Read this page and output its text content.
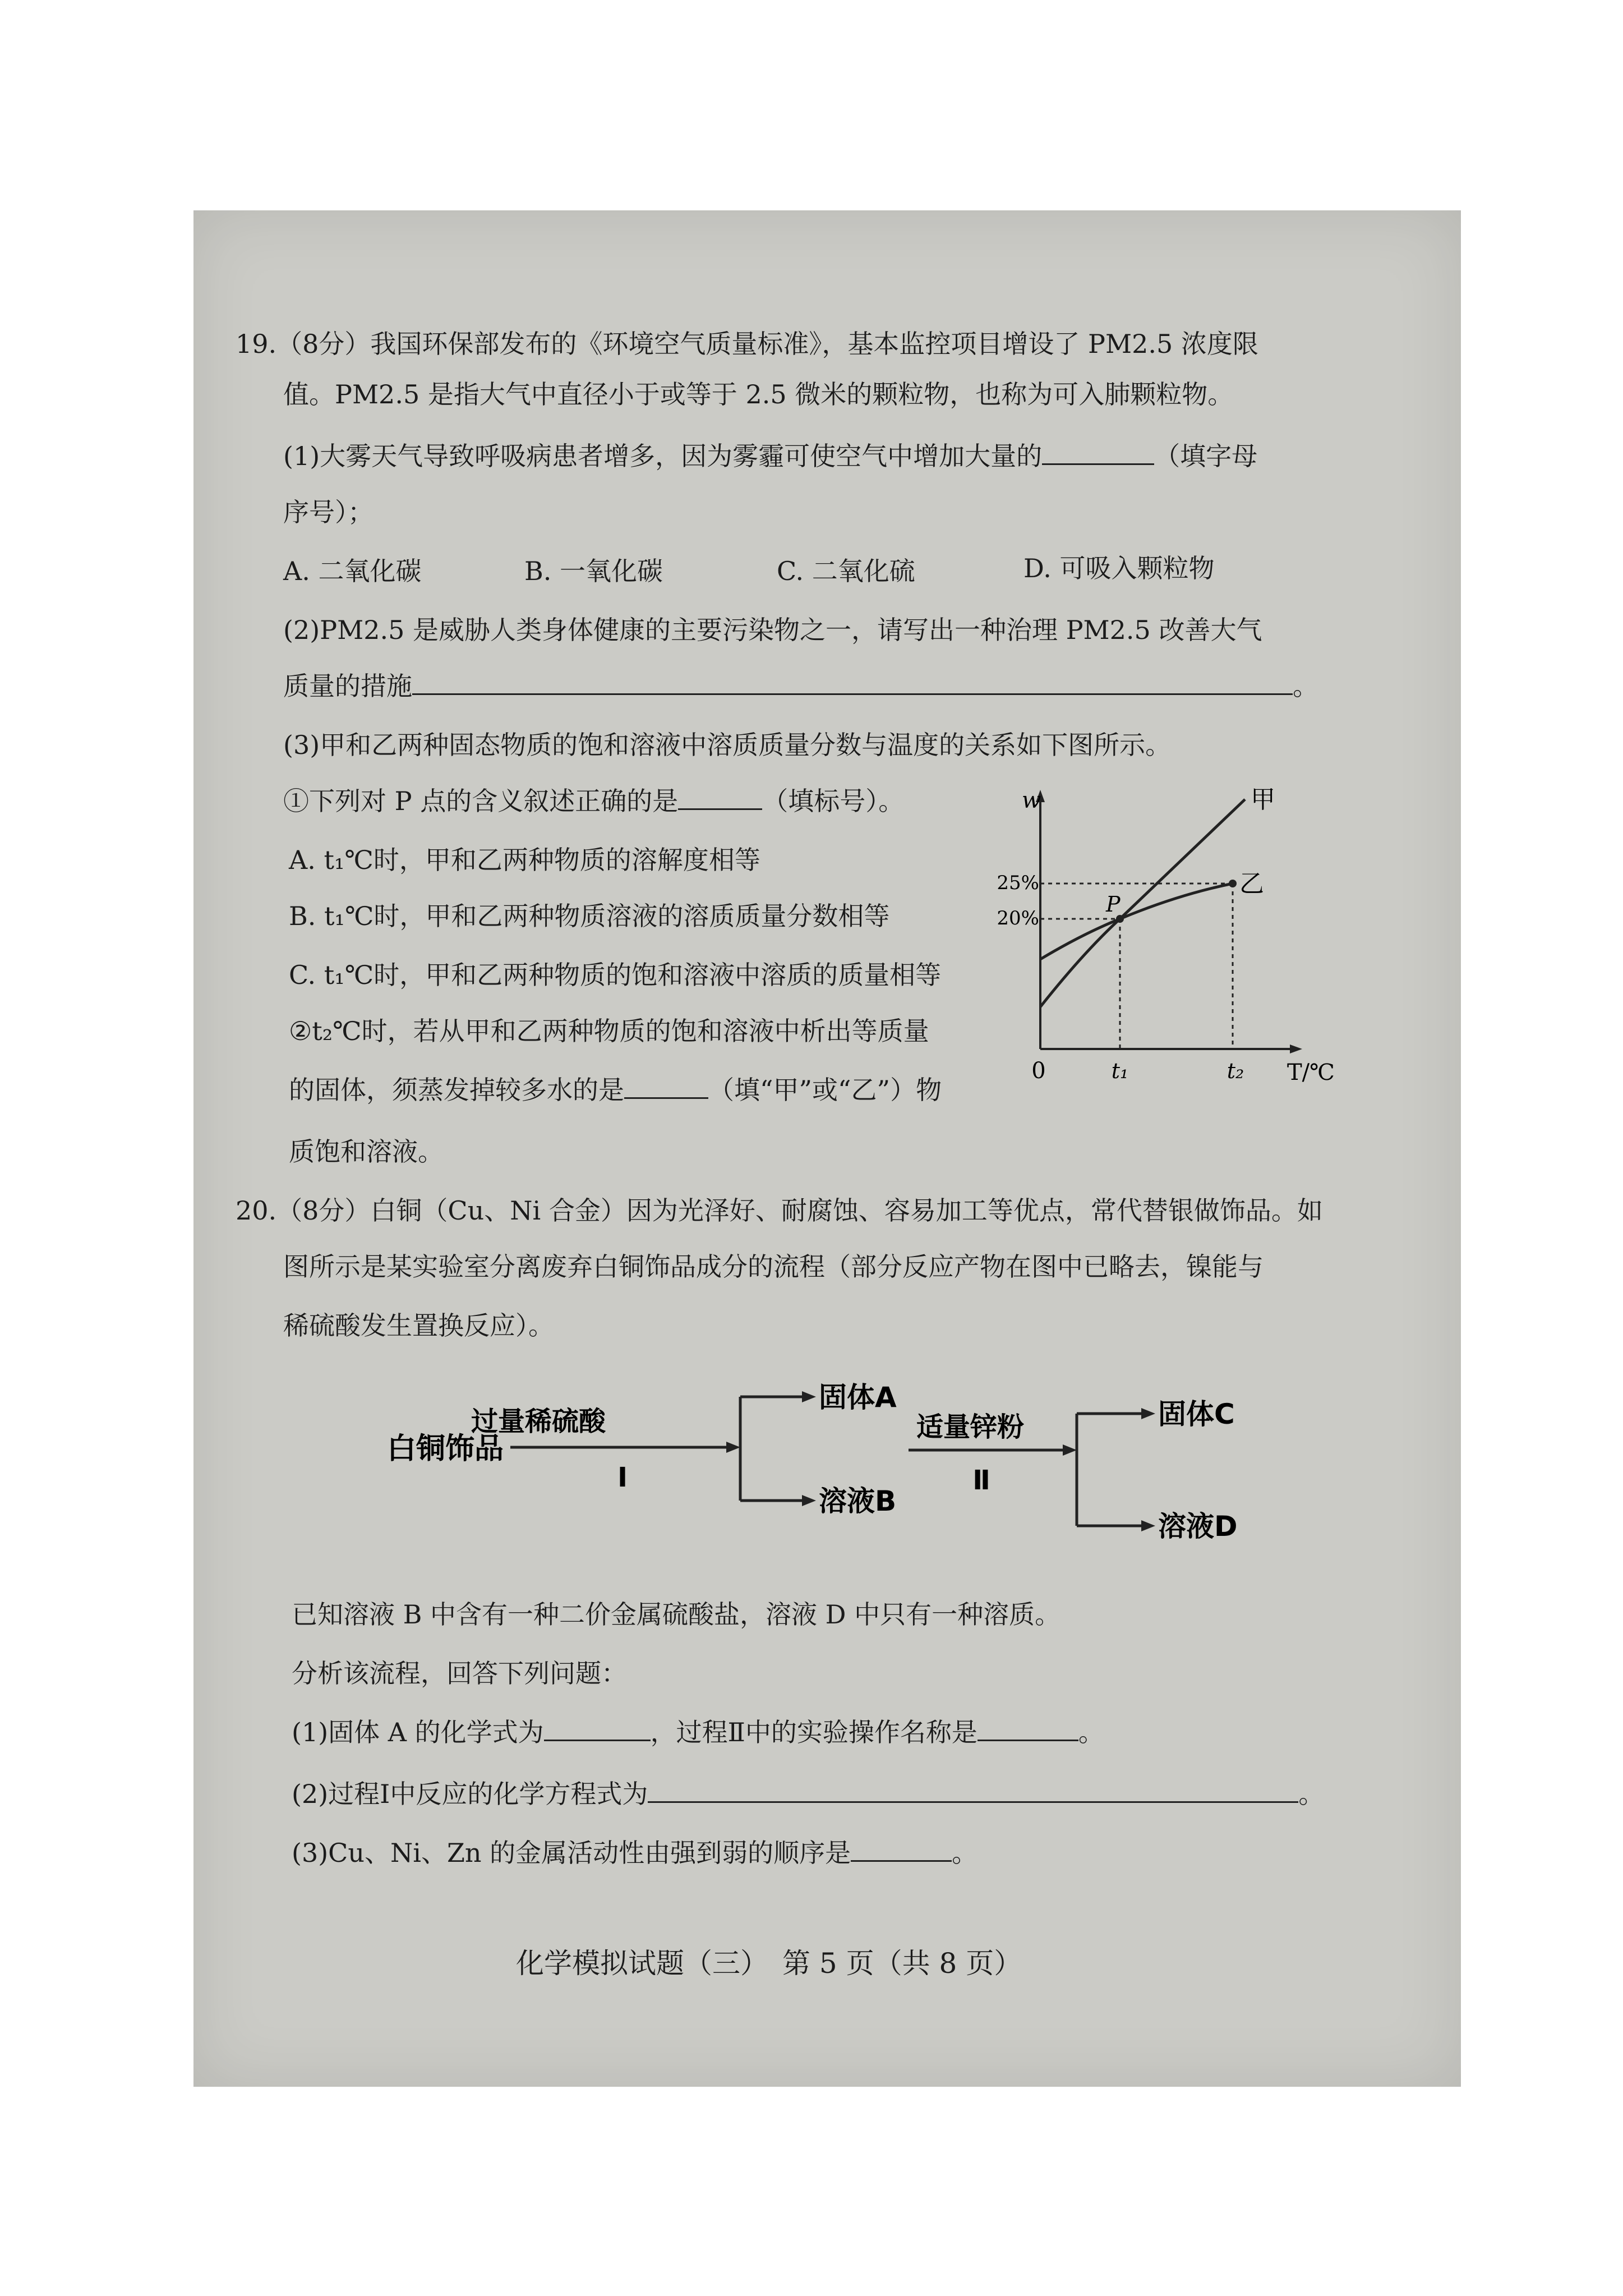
19.（8分）我国环保部发布的《环境空气质量标准》，基本监控项目增设了 PM2.5 浓度限
值。PM2.5 是指大气中直径小于或等于 2.5 微米的颗粒物，也称为可入肺颗粒物。
(1)大雾天气导致呼吸病患者增多，因为雾霾可使空气中增加大量的	（填字母
序号）；
A. 二氧化碳	B. 一氧化碳	C. 二氧化硫	D. 可吸入颗粒物
(2)PM2.5 是威胁人类身体健康的主要污染物之一，请写出一种治理 PM2.5 改善大气
质量的措施	。
(3)甲和乙两种固态物质的饱和溶液中溶质质量分数与温度的关系如下图所示。
①下列对 P 点的含义叙述正确的是	（填标号）。
A. t₁℃时，甲和乙两种物质的溶解度相等
B. t₁℃时，甲和乙两种物质溶液的溶质质量分数相等
C. t₁℃时，甲和乙两种物质的饱和溶液中溶质的质量相等
②t₂℃时，若从甲和乙两种物质的饱和溶液中析出等质量
的固体，须蒸发掉较多水的是	（填“甲”或“乙”）物
质饱和溶液。
w
T/℃
0
25%
20%
t₁	t₂
P
甲
乙
20.（8分）白铜（Cu、Ni 合金）因为光泽好、耐腐蚀、容易加工等优点，常代替银做饰品。如
图所示是某实验室分离废弃白铜饰品成分的流程（部分反应产物在图中已略去，镍能与
稀硫酸发生置换反应）。
白铜饰品
过量稀硫酸
Ⅰ
固体A
溶液B
适量锌粉
Ⅱ
固体C
溶液D
已知溶液 B 中含有一种二价金属硫酸盐，溶液 D 中只有一种溶质。
分析该流程，回答下列问题：
(1)固体 A 的化学式为	，过程Ⅱ中的实验操作名称是	。
(2)过程Ⅰ中反应的化学方程式为	。
(3)Cu、Ni、Zn 的金属活动性由强到弱的顺序是	。
化学模拟试题（三）　第 5 页（共 8 页）
